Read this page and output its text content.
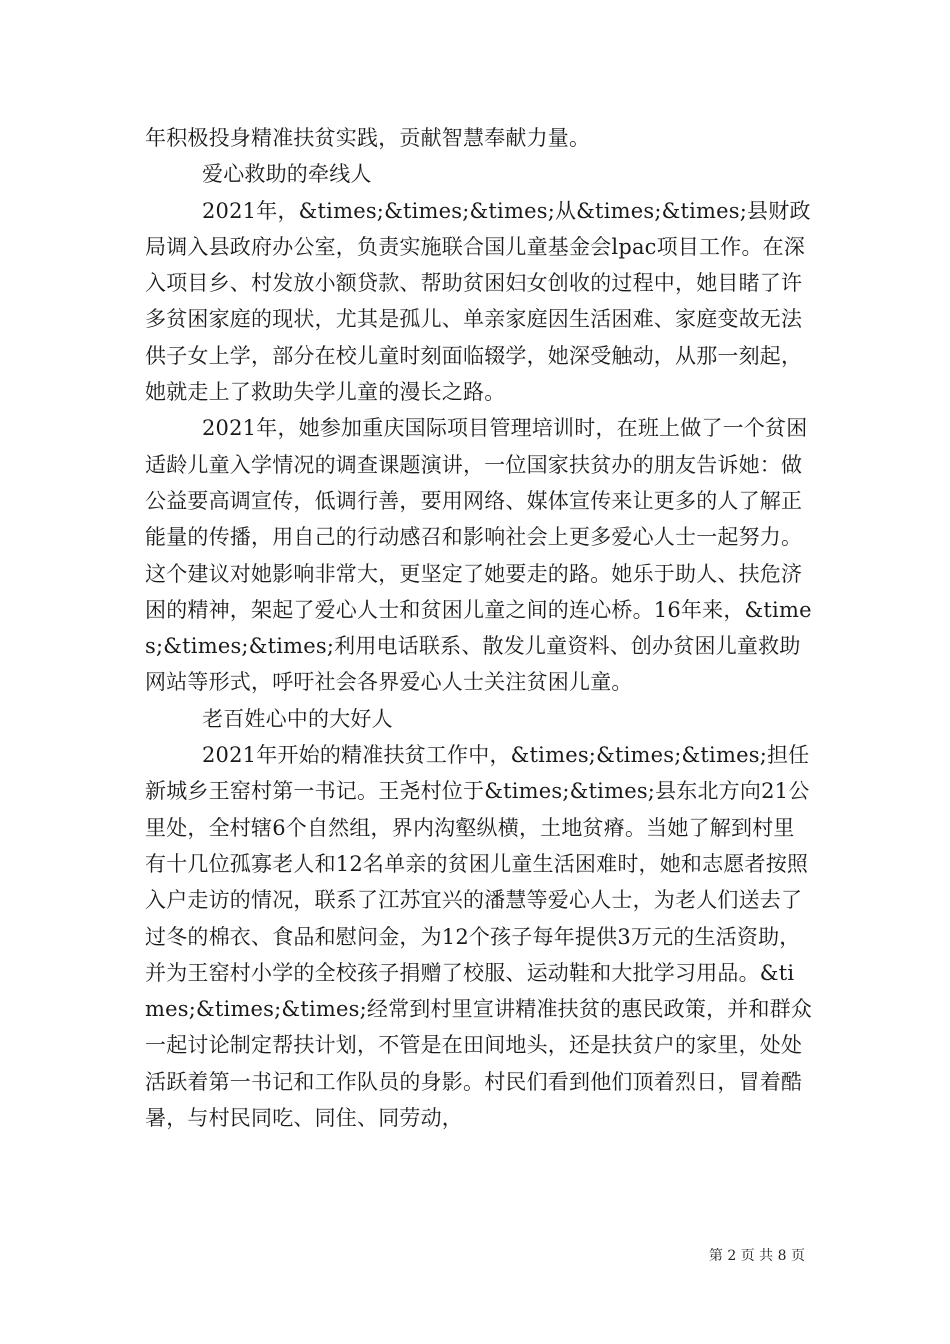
年积极投身精准扶贫实践，贡献智慧奉献力量。

爱心救助的牵线人

2021年，&times;&times;&times;从&times;&times;县财政局调入县政府办公室，负责实施联合国儿童基金会lpac项目工作。在深入项目乡、村发放小额贷款、帮助贫困妇女创收的过程中，她目睹了许多贫困家庭的现状，尤其是孤儿、单亲家庭因生活困难、家庭变故无法供子女上学，部分在校儿童时刻面临辍学，她深受触动，从那一刻起，她就走上了救助失学儿童的漫长之路。

2021年，她参加重庆国际项目管理培训时，在班上做了一个贫困适龄儿童入学情况的调查课题演讲，一位国家扶贫办的朋友告诉她：做公益要高调宣传，低调行善，要用网络、媒体宣传来让更多的人了解正能量的传播，用自己的行动感召和影响社会上更多爱心人士一起努力。这个建议对她影响非常大，更坚定了她要走的路。她乐于助人、扶危济困的精神，架起了爱心人士和贫困儿童之间的连心桥。16年来，&times;&times;&times;利用电话联系、散发儿童资料、创办贫困儿童救助网站等形式，呼吁社会各界爱心人士关注贫困儿童。

老百姓心中的大好人

2021年开始的精准扶贫工作中，&times;&times;&times;担任新城乡王窑村第一书记。王尧村位于&times;&times;县东北方向21公里处，全村辖6个自然组，界内沟壑纵横，土地贫瘠。当她了解到村里有十几位孤寡老人和12名单亲的贫困儿童生活困难时，她和志愿者按照入户走访的情况，联系了江苏宜兴的潘慧等爱心人士，为老人们送去了过冬的棉衣、食品和慰问金，为12个孩子每年提供3万元的生活资助，并为王窑村小学的全校孩子捐赠了校服、运动鞋和大批学习用品。&times;&times;&times;经常到村里宣讲精准扶贫的惠民政策，并和群众一起讨论制定帮扶计划，不管是在田间地头，还是扶贫户的家里，处处活跃着第一书记和工作队员的身影。村民们看到他们顶着烈日，冒着酷暑，与村民同吃、同住、同劳动，

第 2 页 共 8 页
